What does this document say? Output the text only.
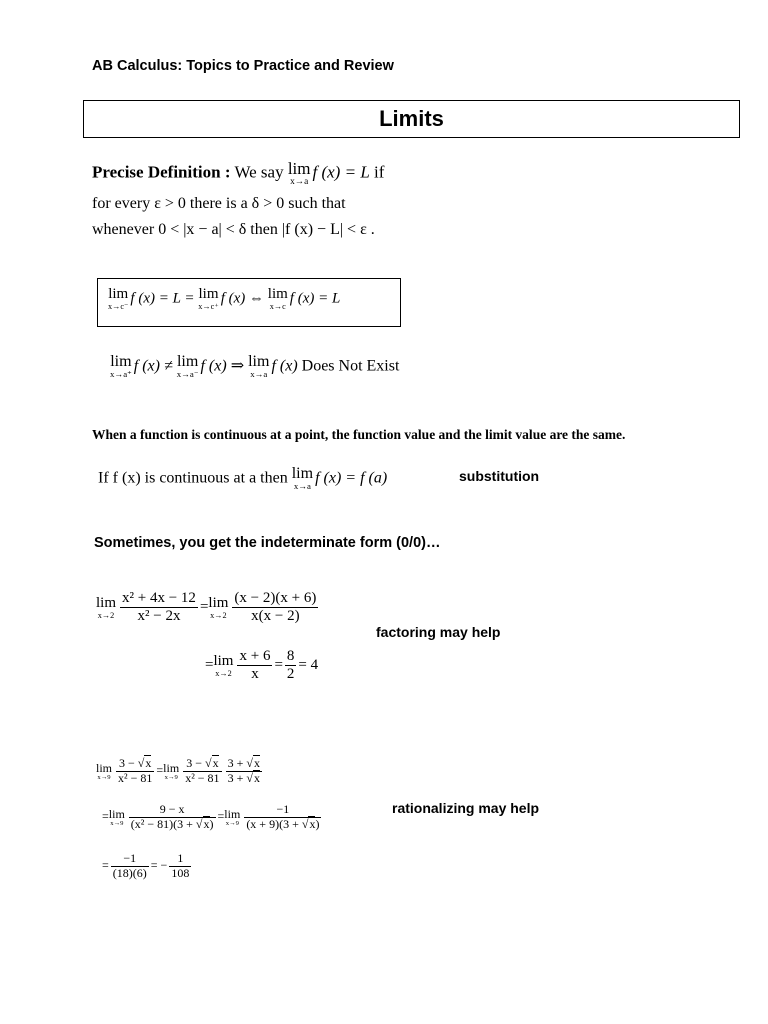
AB Calculus: Topics to Practice and Review
Limits
Precise Definition : We say lim
x→a
f (x) = L if
for every ε > 0 there is a δ > 0 such that
whenever 0 < |x − a| < δ then |f (x) − L| < ε .
lim
x→c⁻
f (x) = L = lim
x→c⁺
f (x) ⇔ lim
x→c
f (x) = L
lim
x→a⁺ f (x) ≠ lim
x→a⁻ f (x) ⇒ lim
x→a f (x) Does Not Exist
When a function is continuous at a point, the function value and the limit value are the same.
If f (x) is continuous at a then lim
x→a f (x) = f (a)	substitution
Sometimes, you get the indeterminate form (0/0)…
lim
$x\to 2 \frac{\text{x² + 4x − 12}}{\text{x² − 2x}} = \lim$
$x\to 2 \frac{(x - 2)(x + 6)}{x(x - 2)}$
= lim
$x\to 2 \frac{x + 6}{x} = \frac{8}{2} = 4$
factoring may help
lim
$x\to 9 \frac{3 - √x}{\text{x² − 81}} = \lim$
$x\to 9 \frac{3 - √x}{\text{x² − 81}} \frac{3 + √x}{3 + √x}$
= lim
$x\to 9 \frac{9 - x}{\text{(x² − 81)(3 + √x)}} = \lim$
$x\to 9 \frac{-1}{(x + 9)(3 + √x)}$
= $\frac{-1}{(18)(6)}$ = − $\frac{1}{108}$
rationalizing may help
